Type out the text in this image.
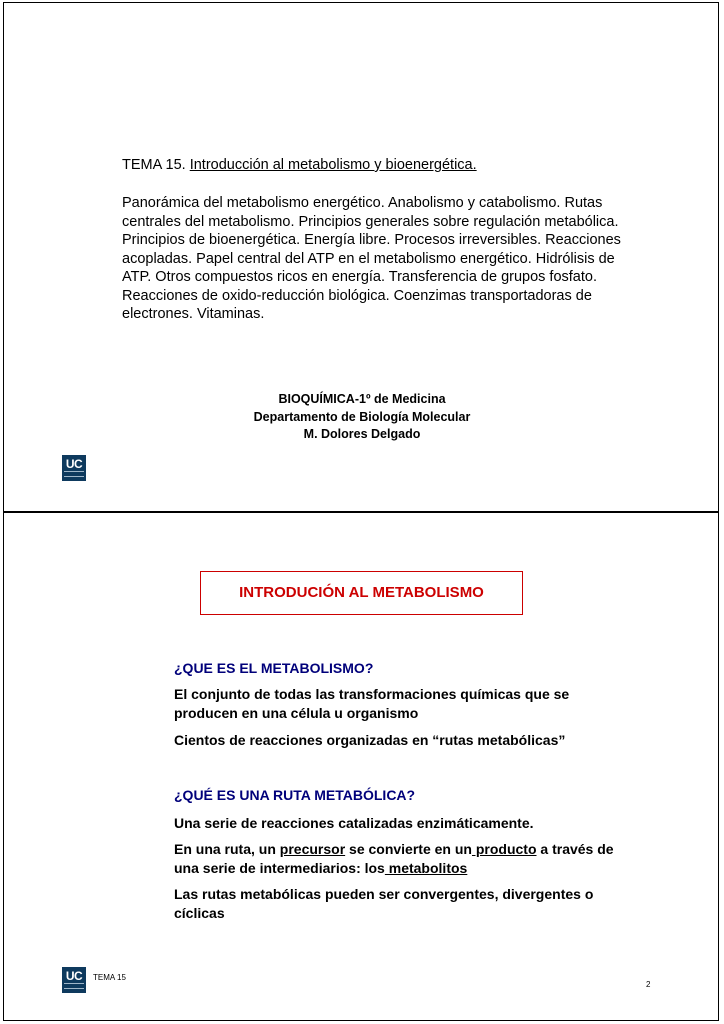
TEMA 15. Introducción al metabolismo y bioenergética.
Panorámica del metabolismo energético. Anabolismo y catabolismo. Rutas centrales del metabolismo. Principios generales sobre regulación metabólica. Principios de bioenergética. Energía libre. Procesos irreversibles. Reacciones acopladas. Papel central del ATP en el metabolismo energético. Hidrólisis de ATP. Otros compuestos ricos en energía. Transferencia de grupos fosfato. Reacciones de oxido-reducción biológica. Coenzimas transportadoras de electrones. Vitaminas.
BIOQUÍMICA-1º de Medicina
Departamento de Biología Molecular
M. Dolores Delgado
UC
INTRODUCIÓN AL METABOLISMO
¿QUE ES EL METABOLISMO?
El conjunto de todas las transformaciones químicas que se producen en una célula u organismo
Cientos de reacciones organizadas en “rutas metabólicas”
¿QUÉ ES UNA RUTA METABÓLICA?
Una serie de reacciones catalizadas enzimáticamente.
En una ruta, un precursor se convierte en un producto a través de una serie de intermediarios: los metabolitos
Las rutas metabólicas pueden ser convergentes, divergentes o cíclicas
UC	TEMA 15
2
